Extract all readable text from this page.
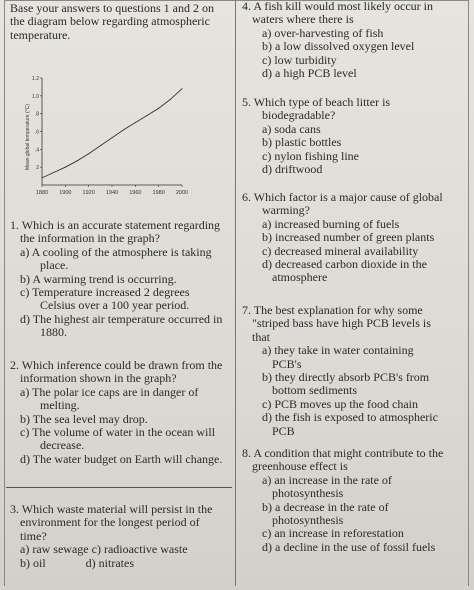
Base your answers to questions 1 and 2 on
the diagram below regarding atmospheric
temperature.
Mean global temperature (°C)
1880 1900 1920 1940 1960 1980 2000
2
.4
.6
.8
1.0
1.2
1. Which is an accurate statement regarding
the information in the graph?
a) A cooling of the atmosphere is taking
place.
b) A warming trend is occurring.
c) Temperature increased 2 degrees
Celsius over a 100 year period.
d) The highest air temperature occurred in
1880.
2. Which inference could be drawn from the
information shown in the graph?
a) The polar ice caps are in danger of
melting.
b) The sea level may drop.
c) The volume of water in the ocean will
decrease.
d) The water budget on Earth will change.
3. Which waste material will persist in the
environment for the longest period of
time?
a) raw sewage c) radioactive waste
b) oil	d) nitrates
4. A fish kill would most likely occur in
waters where there is
a) over-harvesting of fish
b) a low dissolved oxygen level
c) low turbidity
d) a high PCB level
5. Which type of beach litter is
biodegradable?
a) soda cans
b) plastic bottles
c) nylon fishing line
d) driftwood
6. Which factor is a major cause of global
warming?
a) increased burning of fuels
b) increased number of green plants
c) decreased mineral availability
d) decreased carbon dioxide in the
atmosphere
7. The best explanation for why some
"striped bass have high PCB levels is
that
a) they take in water containing
PCB's
b) they directly absorb PCB's from
bottom sediments
c) PCB moves up the food chain
d) the fish is exposed to atmospheric
PCB
8. A condition that might contribute to the
greenhouse effect is
a) an increase in the rate of
photosynthesis
b) a decrease in the rate of
photosynthesis
c) an increase in reforestation
d) a decline in the use of fossil fuels
